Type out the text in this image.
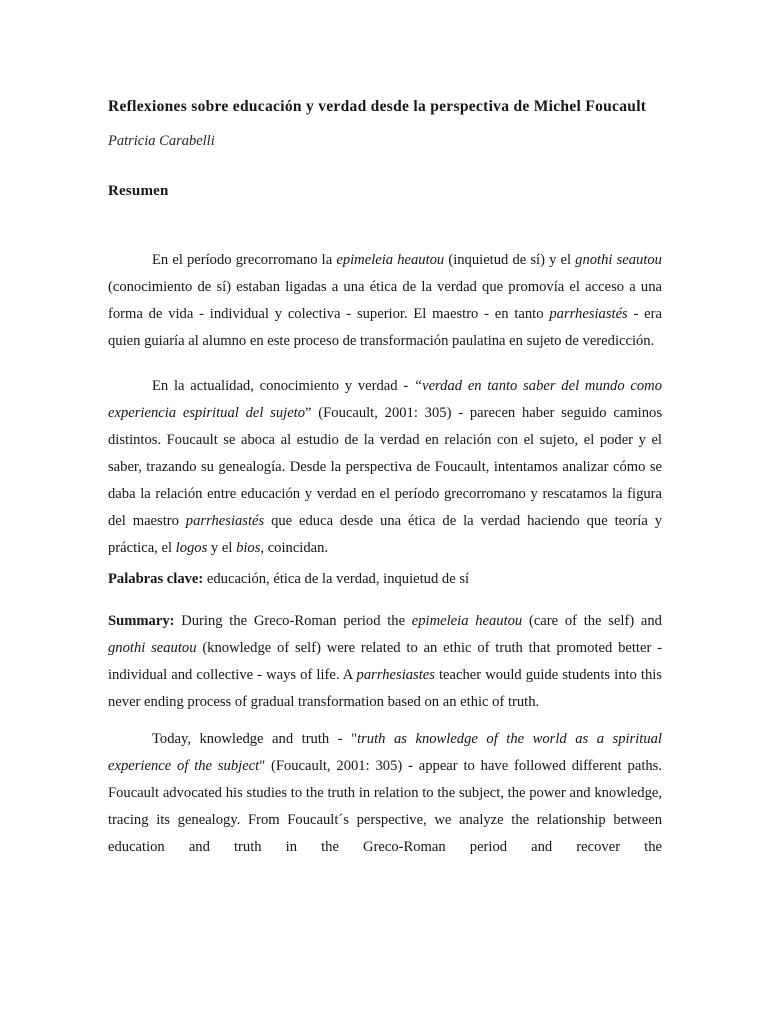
Reflexiones sobre educación y verdad desde la perspectiva de Michel Foucault

Patricia Carabelli

Resumen

En el período grecorromano la epimeleia heautou (inquietud de sí) y el gnothi seautou (conocimiento de sí) estaban ligadas a una ética de la verdad que promovía el acceso a una forma de vida - individual y colectiva - superior. El maestro - en tanto parrhesiastés - era quien guiaría al alumno en este proceso de transformación paulatina en sujeto de veredicción.

En la actualidad, conocimiento y verdad - “verdad en tanto saber del mundo como experiencia espiritual del sujeto” (Foucault, 2001: 305) - parecen haber seguido caminos distintos. Foucault se aboca al estudio de la verdad en relación con el sujeto, el poder y el saber, trazando su genealogía. Desde la perspectiva de Foucault, intentamos analizar cómo se daba la relación entre educación y verdad en el período grecorromano y rescatamos la figura del maestro parrhesiastés que educa desde una ética de la verdad haciendo que teoría y práctica, el logos y el bios, coincidan.

Palabras clave: educación, ética de la verdad, inquietud de sí

Summary: During the Greco-Roman period the epimeleia heautou (care of the self) and gnothi seautou (knowledge of self) were related to an ethic of truth that promoted better - individual and collective - ways of life. A parrhesiastes teacher would guide students into this never ending process of gradual transformation based on an ethic of truth.

Today, knowledge and truth - "truth as knowledge of the world as a spiritual experience of the subject" (Foucault, 2001: 305) - appear to have followed different paths. Foucault advocated his studies to the truth in relation to the subject, the power and knowledge, tracing its genealogy. From Foucault´s perspective, we analyze the relationship between education and truth in the Greco-Roman period and recover the
